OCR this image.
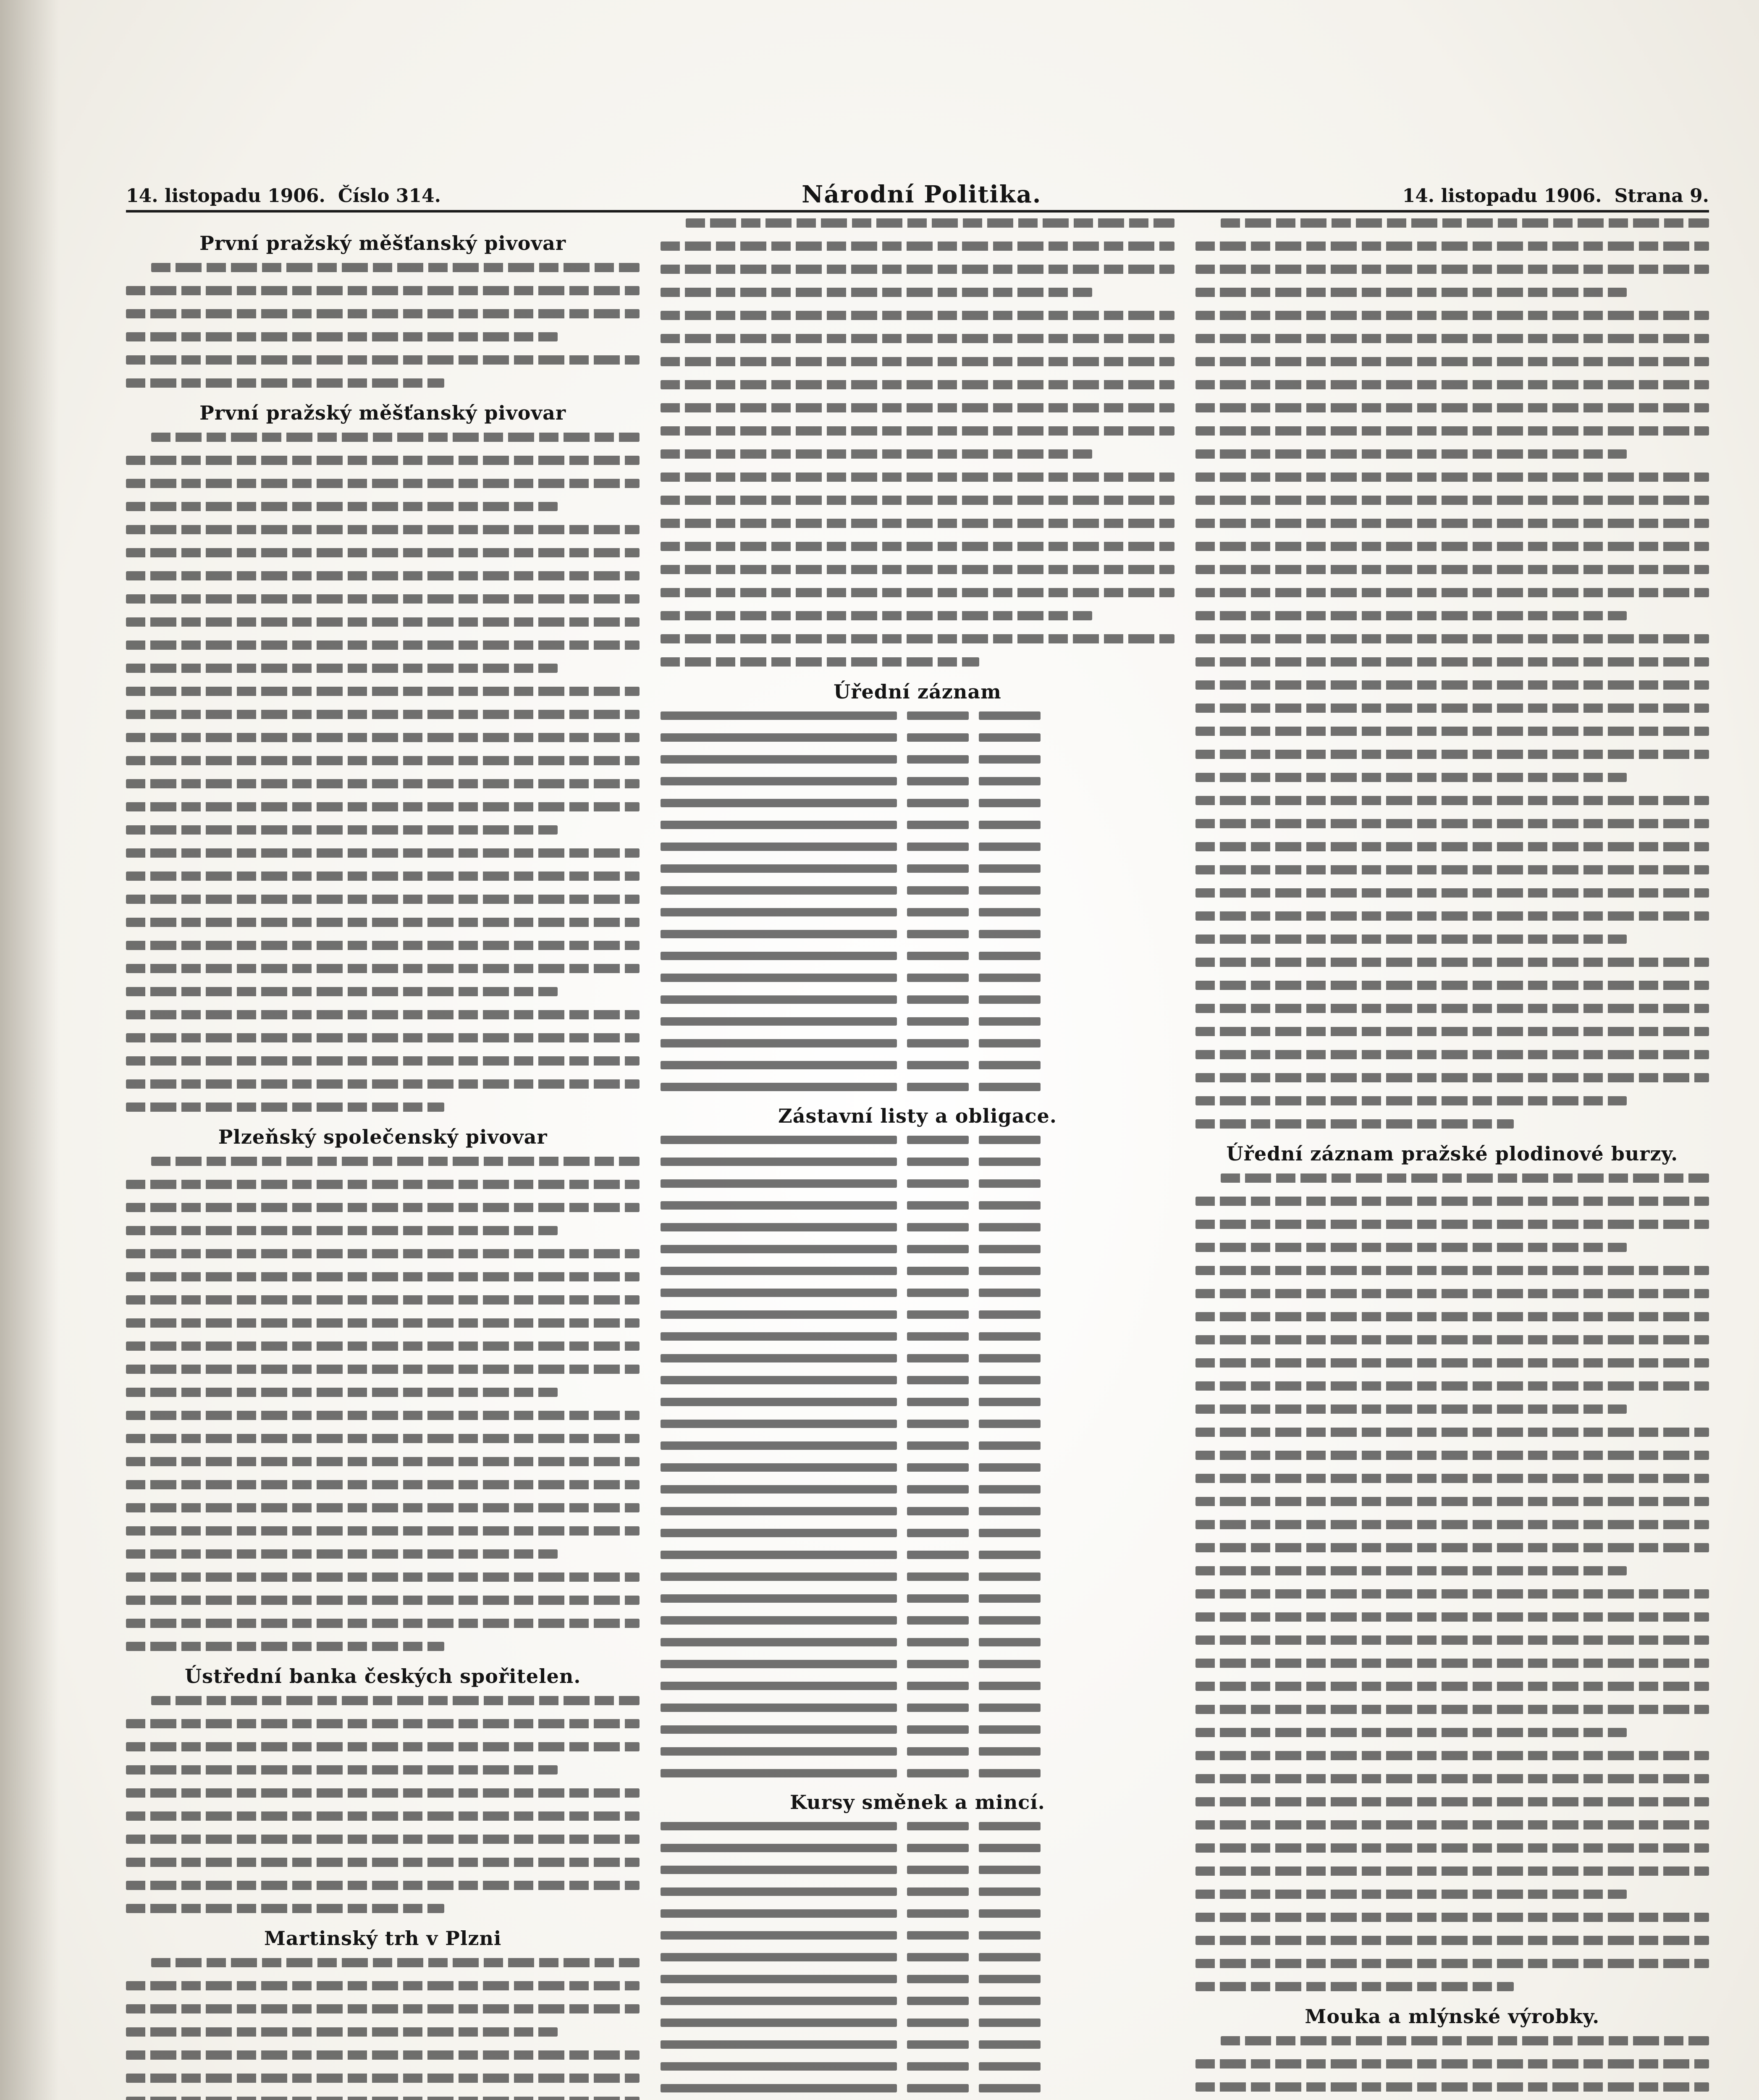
14. listopadu 1906. Číslo 314.	Národní Politika.	14. listopadu 1906. Strana 9.
První pražský měšťanský pivovar
První pražský měšťanský pivovar
Plzeňský společenský pivovar
Ústřední banka českých spořitelen.
Martinský trh v Plzni
Úřední záznam
Zástavní listy a obligace.
Kursy směnek a mincí.
Úřední záznam pražské plodinové burzy.
Mouka a mlýnské výrobky.
